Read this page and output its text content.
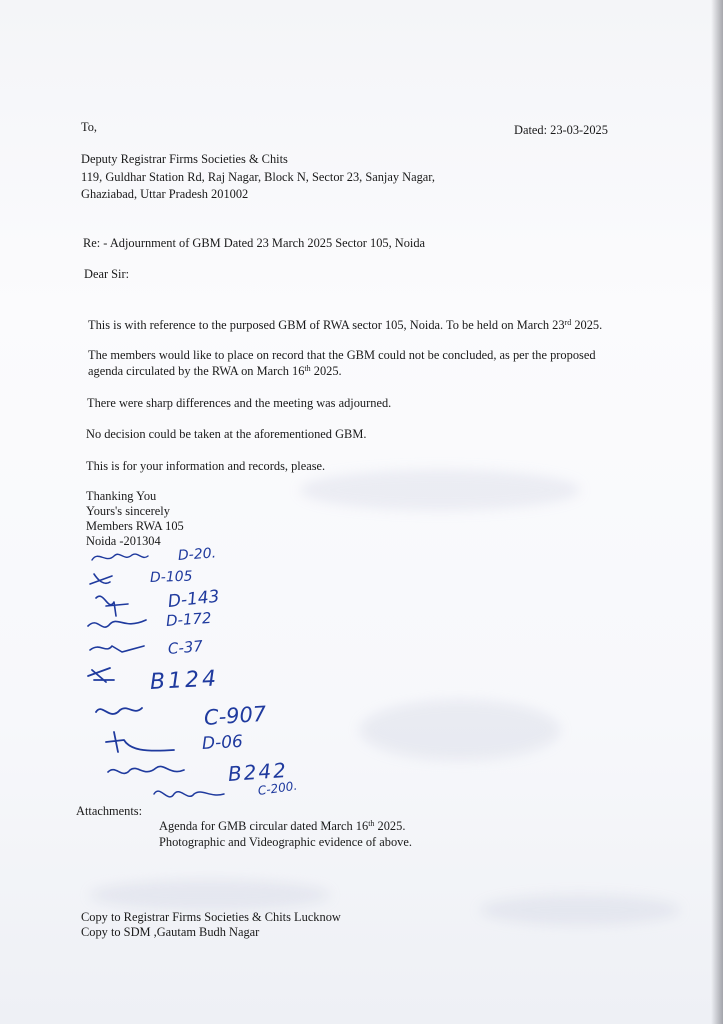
To,	Dated: 23-03-2025
Deputy Registrar Firms Societies & Chits
119, Guldhar Station Rd, Raj Nagar, Block N, Sector 23, Sanjay Nagar,
Ghaziabad, Uttar Pradesh 201002
Re: - Adjournment of GBM Dated 23 March 2025 Sector 105, Noida
Dear Sir:
This is with reference to the purposed GBM of RWA sector 105, Noida. To be held on March 23rd 2025.
The members would like to place on record that the GBM could not be concluded, as per the proposed
agenda circulated by the RWA on March 16th 2025.
There were sharp differences and the meeting was adjourned.
No decision could be taken at the aforementioned GBM.
This is for your information and records, please.
Thanking You
Yours's sincerely
Members RWA 105
Noida -201304
D-20.
D-105
D-143
D-172
C-37
B124
C-907
D-06
B242
C-200.
Attachments:
Agenda for GMB circular dated March 16th 2025.
Photographic and Videographic evidence of above.
Copy to Registrar Firms Societies & Chits Lucknow
Copy to SDM ,Gautam Budh Nagar
